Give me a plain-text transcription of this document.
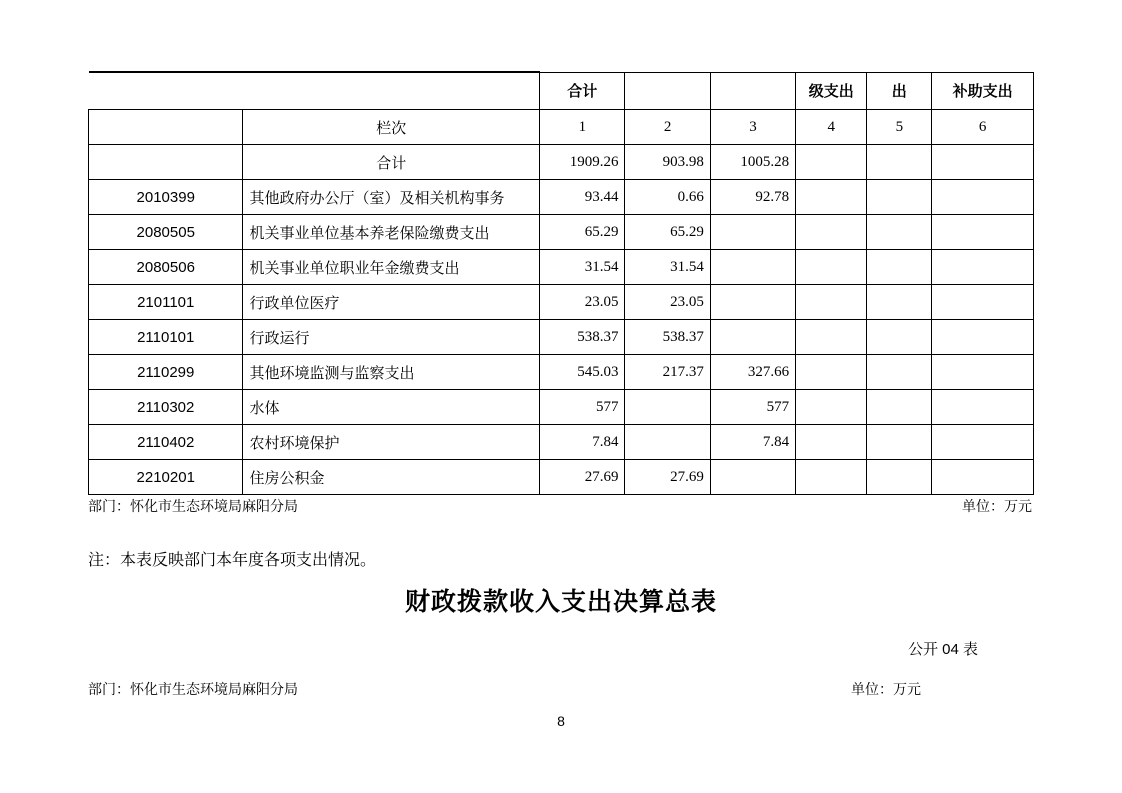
		合计			级支出	出	补助支出
	栏次	1	2	3	4	5	6
	合计	1909.26	903.98	1005.28			
2010399	其他政府办公厅（室）及相关机构事务	93.44	0.66	92.78			
2080505	机关事业单位基本养老保险缴费支出	65.29	65.29				
2080506	机关事业单位职业年金缴费支出	31.54	31.54				
2101101	行政单位医疗	23.05	23.05				
2110101	行政运行	538.37	538.37				
2110299	其他环境监测与监察支出	545.03	217.37	327.66			
2110302	水体	577		577			
2110402	农村环境保护	7.84		7.84			
2210201	住房公积金	27.69	27.69				
部门：怀化市生态环境局麻阳分局	单位：万元
注：本表反映部门本年度各项支出情况。
财政拨款收入支出决算总表
公开 04 表
部门：怀化市生态环境局麻阳分局	单位：万元
8
